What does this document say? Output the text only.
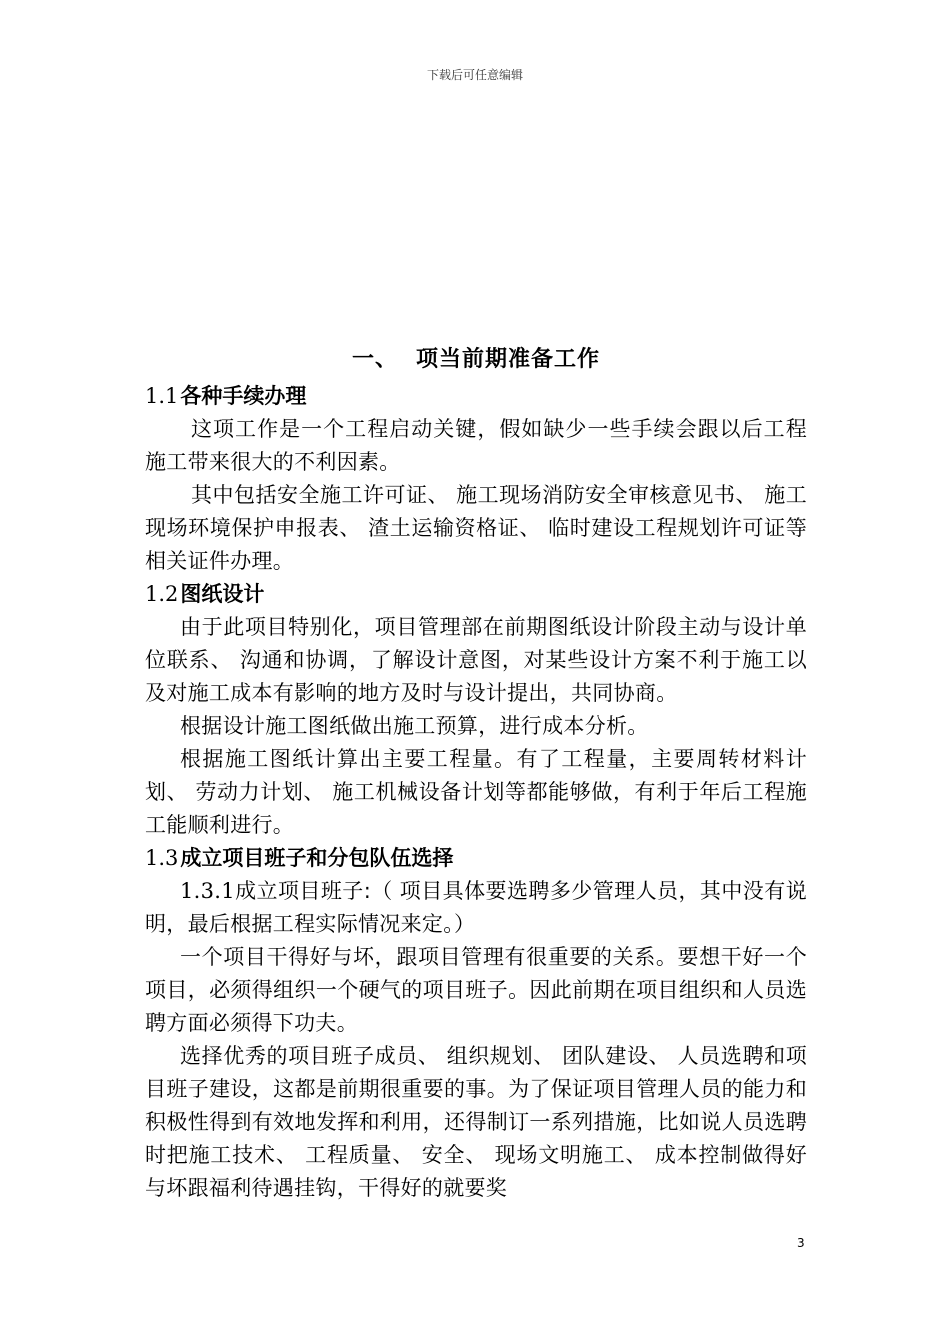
下载后可任意编辑
一、 项当前期准备工作
1.1各种手续办理

这项工作是一个工程启动关键，假如缺少一些手续会跟以后工程施工带来很大的不利因素。

其中包括安全施工许可证、 施工现场消防安全审核意见书、 施工现场环境保护申报表、 渣土运输资格证、 临时建设工程规划许可证等相关证件办理。

1.2图纸设计

由于此项目特别化，项目管理部在前期图纸设计阶段主动与设计单位联系、 沟通和协调，了解设计意图，对某些设计方案不利于施工以及对施工成本有影响的地方及时与设计提出，共同协商。

根据设计施工图纸做出施工预算，进行成本分析。

根据施工图纸计算出主要工程量。有了工程量，主要周转材料计划、 劳动力计划、 施工机械设备计划等都能够做，有利于年后工程施工能顺利进行。

1.3成立项目班子和分包队伍选择

1.3.1成立项目班子:（ 项目具体要选聘多少管理人员，其中没有说明，最后根据工程实际情况来定。）

一个项目干得好与坏，跟项目管理有很重要的关系。要想干好一个项目，必须得组织一个硬气的项目班子。因此前期在项目组织和人员选聘方面必须得下功夫。

选择优秀的项目班子成员、 组织规划、 团队建设、 人员选聘和项目班子建设，这都是前期很重要的事。为了保证项目管理人员的能力和积极性得到有效地发挥和利用，还得制订一系列措施，比如说人员选聘时把施工技术、 工程质量、 安全、 现场文明施工、 成本控制做得好与坏跟福利待遇挂钩，干得好的就要奖

3
